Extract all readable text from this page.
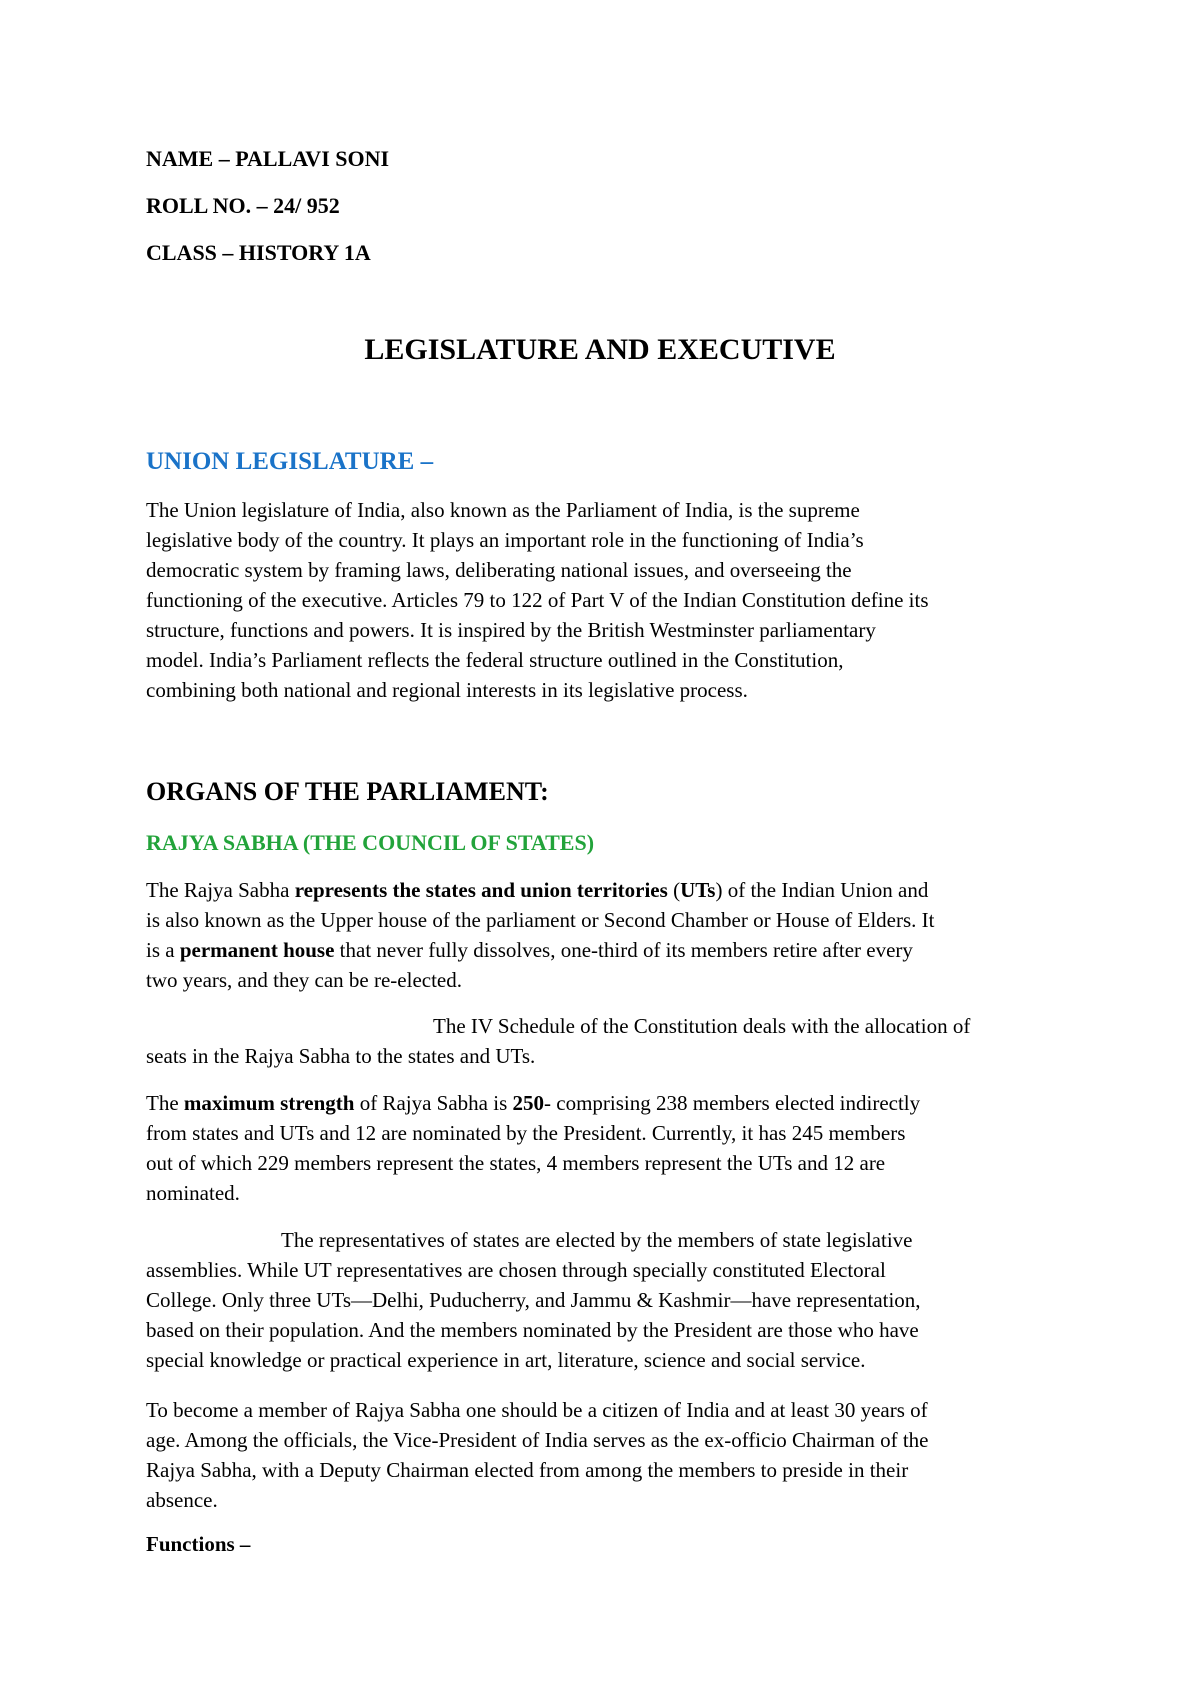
NAME – PALLAVI SONI
ROLL NO. – 24/ 952
CLASS – HISTORY 1A
LEGISLATURE AND EXECUTIVE
UNION LEGISLATURE –
The Union legislature of India, also known as the Parliament of India, is the supreme
legislative body of the country. It plays an important role in the functioning of India’s
democratic system by framing laws, deliberating national issues, and overseeing the
functioning of the executive. Articles 79 to 122 of Part V of the Indian Constitution define its
structure, functions and powers. It is inspired by the British Westminster parliamentary
model. India’s Parliament reflects the federal structure outlined in the Constitution,
combining both national and regional interests in its legislative process.
ORGANS OF THE PARLIAMENT:
RAJYA SABHA (THE COUNCIL OF STATES)
The Rajya Sabha represents the states and union territories (UTs) of the Indian Union and
is also known as the Upper house of the parliament or Second Chamber or House of Elders. It
is a permanent house that never fully dissolves, one-third of its members retire after every
two years, and they can be re-elected.
The IV Schedule of the Constitution deals with the allocation of
seats in the Rajya Sabha to the states and UTs.
The maximum strength of Rajya Sabha is 250- comprising 238 members elected indirectly
from states and UTs and 12 are nominated by the President. Currently, it has 245 members
out of which 229 members represent the states, 4 members represent the UTs and 12 are
nominated.
The representatives of states are elected by the members of state legislative
assemblies. While UT representatives are chosen through specially constituted Electoral
College. Only three UTs—Delhi, Puducherry, and Jammu & Kashmir—have representation,
based on their population. And the members nominated by the President are those who have
special knowledge or practical experience in art, literature, science and social service.
To become a member of Rajya Sabha one should be a citizen of India and at least 30 years of
age. Among the officials, the Vice-President of India serves as the ex-officio Chairman of the
Rajya Sabha, with a Deputy Chairman elected from among the members to preside in their
absence.
Functions –
